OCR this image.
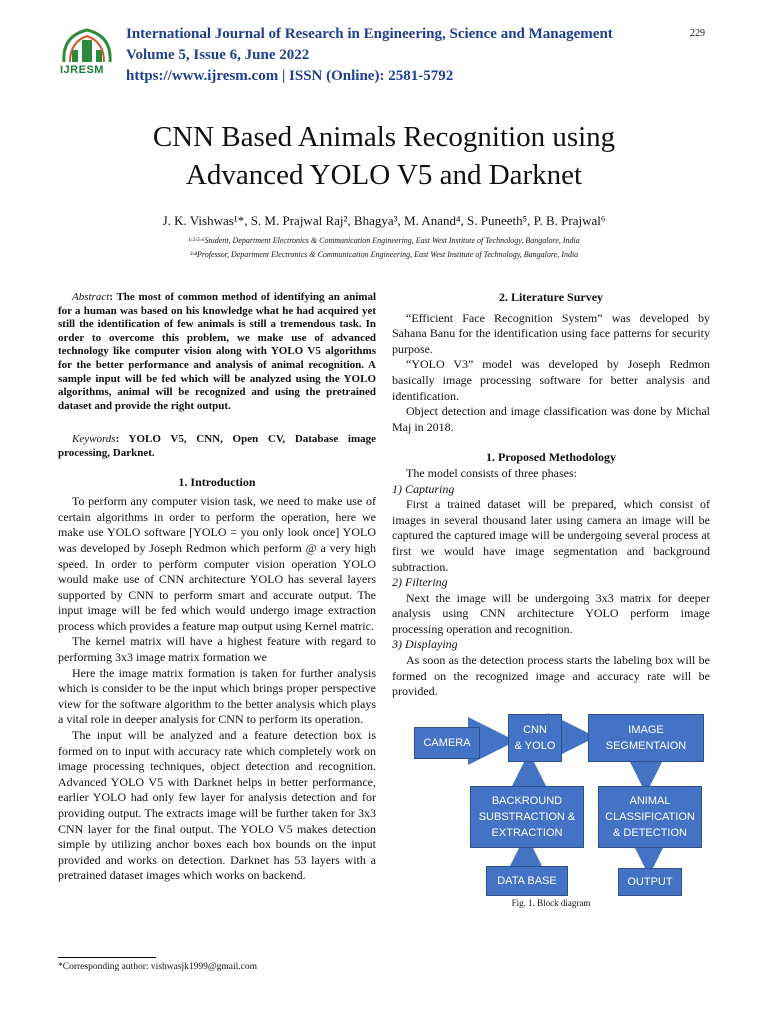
IJRESM
International Journal of Research in Engineering, Science and Management
Volume 5, Issue 6, June 2022
https://www.ijresm.com | ISSN (Online): 2581-5792
229
CNN Based Animals Recognition using
Advanced YOLO V5 and Darknet
J. K. Vishwas¹*, S. M. Prajwal Raj², Bhagya³, M. Anand⁴, S. Puneeth⁵, P. B. Prajwal⁶
¹·²·⁵·⁶Student, Department Electronics & Communication Engineering, East West Institute of Technology, Bangalore, India
³·⁴Professor, Department Electronics & Communication Engineering, East West Institute of Technology, Bangalore, India

Abstract: The most of common method of identifying an animal for a human was based on his knowledge what he had acquired yet still the identification of few animals is still a tremendous task. In order to overcome this problem, we make use of advanced technology like computer vision along with YOLO V5 algorithms for the better performance and analysis of animal recognition. A sample input will be fed which will be analyzed using the YOLO algorithms, animal will be recognized and using the pretrained dataset and provide the right output.

Keywords: YOLO V5, CNN, Open CV, Database image processing, Darknet.

1. Introduction

To perform any computer vision task, we need to make use of certain algorithms in order to perform the operation, here we make use YOLO software [YOLO = you only look once] YOLO was developed by Joseph Redmon which perform @ a very high speed. In order to perform computer vision operation YOLO would make use of CNN architecture YOLO has several layers supported by CNN to perform smart and accurate output. The input image will be fed which would undergo image extraction process which provides a feature map output using Kernel matric.

The kernel matrix will have a highest feature with regard to performing 3x3 image matrix formation we

Here the image matrix formation is taken for further analysis which is consider to be the input which brings proper perspective view for the software algorithm to the better analysis which plays a vital role in deeper analysis for CNN to perform its operation.

The input will be analyzed and a feature detection box is formed on to input with accuracy rate which completely work on image processing techniques, object detection and recognition. Advanced YOLO V5 with Darknet helps in better performance, earlier YOLO had only few layer for analysis detection and for providing output. The extracts image will be further taken for 3x3 CNN layer for the final output. The YOLO V5 makes detection simple by utilizing anchor boxes each box bounds on the input provided and works on detection. Darknet has 53 layers with a pretrained dataset images which works on backend.

2. Literature Survey

“Efficient Face Recognition System” was developed by Sahana Banu for the identification using face patterns for security purpose.

“YOLO V3” model was developed by Joseph Redmon basically image processing software for better analysis and identification.

Object detection and image classification was done by Michal Maj in 2018.

1. Proposed Methodology

The model consists of three phases:

1) Capturing

First a trained dataset will be prepared, which consist of images in several thousand later using camera an image will be captured the captured image will be undergoing several process at first we would have image segmentation and background subtraction.

2) Filtering

Next the image will be undergoing 3x3 matrix for deeper analysis using CNN architecture YOLO perform image processing operation and recognition.

3) Displaying

As soon as the detection process starts the labeling box will be formed on the recognized image and accuracy rate will be provided.

CAMERA
CNN
& YOLO
IMAGE
SEGMENTAION
BACKROUND
SUBSTRACTION &
EXTRACTION
ANIMAL
CLASSIFICATION
& DETECTION
DATA BASE	OUTPUT
Fig. 1. Block diagram
*Corresponding author: vishwasjk1999@gmail.com
